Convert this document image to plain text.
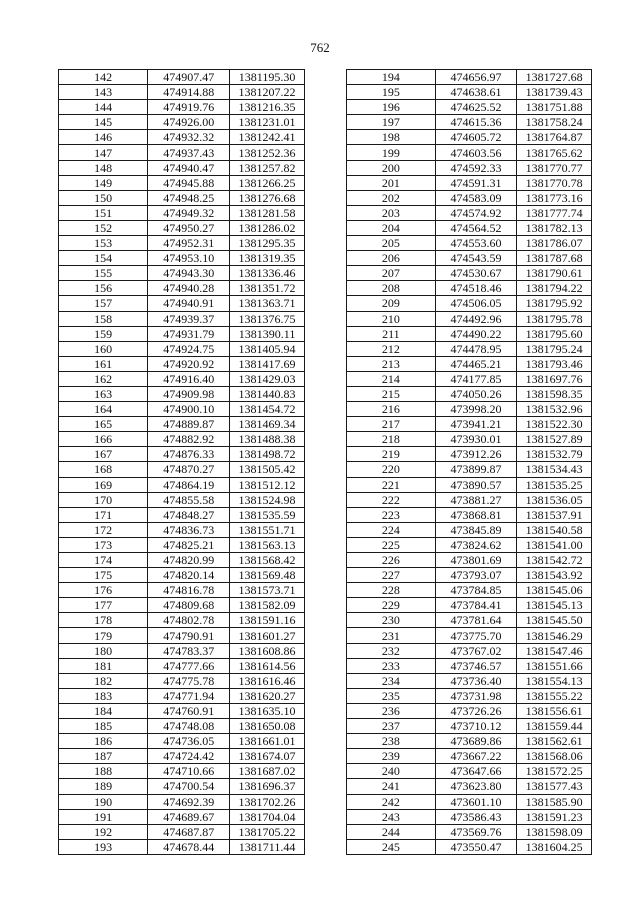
762
142	474907.47	1381195.30
143	474914.88	1381207.22
144	474919.76	1381216.35
145	474926.00	1381231.01
146	474932.32	1381242.41
147	474937.43	1381252.36
148	474940.47	1381257.82
149	474945.88	1381266.25
150	474948.25	1381276.68
151	474949.32	1381281.58
152	474950.27	1381286.02
153	474952.31	1381295.35
154	474953.10	1381319.35
155	474943.30	1381336.46
156	474940.28	1381351.72
157	474940.91	1381363.71
158	474939.37	1381376.75
159	474931.79	1381390.11
160	474924.75	1381405.94
161	474920.92	1381417.69
162	474916.40	1381429.03
163	474909.98	1381440.83
164	474900.10	1381454.72
165	474889.87	1381469.34
166	474882.92	1381488.38
167	474876.33	1381498.72
168	474870.27	1381505.42
169	474864.19	1381512.12
170	474855.58	1381524.98
171	474848.27	1381535.59
172	474836.73	1381551.71
173	474825.21	1381563.13
174	474820.99	1381568.42
175	474820.14	1381569.48
176	474816.78	1381573.71
177	474809.68	1381582.09
178	474802.78	1381591.16
179	474790.91	1381601.27
180	474783.37	1381608.86
181	474777.66	1381614.56
182	474775.78	1381616.46
183	474771.94	1381620.27
184	474760.91	1381635.10
185	474748.08	1381650.08
186	474736.05	1381661.01
187	474724.42	1381674.07
188	474710.66	1381687.02
189	474700.54	1381696.37
190	474692.39	1381702.26
191	474689.67	1381704.04
192	474687.87	1381705.22
193	474678.44	1381711.44
194	474656.97	1381727.68
195	474638.61	1381739.43
196	474625.52	1381751.88
197	474615.36	1381758.24
198	474605.72	1381764.87
199	474603.56	1381765.62
200	474592.33	1381770.77
201	474591.31	1381770.78
202	474583.09	1381773.16
203	474574.92	1381777.74
204	474564.52	1381782.13
205	474553.60	1381786.07
206	474543.59	1381787.68
207	474530.67	1381790.61
208	474518.46	1381794.22
209	474506.05	1381795.92
210	474492.96	1381795.78
211	474490.22	1381795.60
212	474478.95	1381795.24
213	474465.21	1381793.46
214	474177.85	1381697.76
215	474050.26	1381598.35
216	473998.20	1381532.96
217	473941.21	1381522.30
218	473930.01	1381527.89
219	473912.26	1381532.79
220	473899.87	1381534.43
221	473890.57	1381535.25
222	473881.27	1381536.05
223	473868.81	1381537.91
224	473845.89	1381540.58
225	473824.62	1381541.00
226	473801.69	1381542.72
227	473793.07	1381543.92
228	473784.85	1381545.06
229	473784.41	1381545.13
230	473781.64	1381545.50
231	473775.70	1381546.29
232	473767.02	1381547.46
233	473746.57	1381551.66
234	473736.40	1381554.13
235	473731.98	1381555.22
236	473726.26	1381556.61
237	473710.12	1381559.44
238	473689.86	1381562.61
239	473667.22	1381568.06
240	473647.66	1381572.25
241	473623.80	1381577.43
242	473601.10	1381585.90
243	473586.43	1381591.23
244	473569.76	1381598.09
245	473550.47	1381604.25
